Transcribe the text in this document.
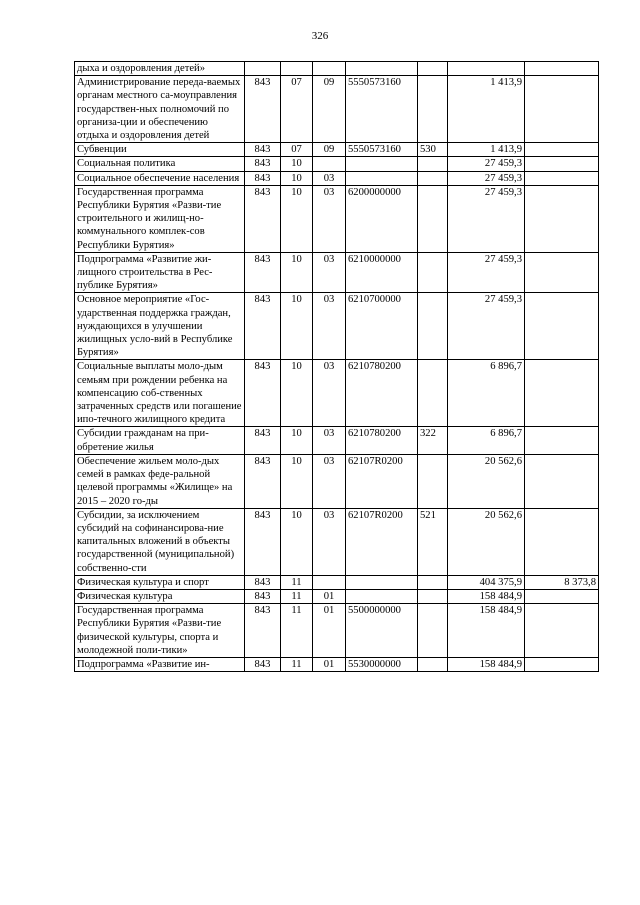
326
дыха и оздоровления детей»							
Администрирование переда-ваемых органам местного са-моуправления государствен-ных полномочий по организа-ции и обеспечению отдыха и оздоровления детей	843	07	09	5550573160		1 413,9	
Субвенции	843	07	09	5550573160	530	1 413,9	
Социальная политика	843	10				27 459,3	
Социальное обеспечение населения	843	10	03			27 459,3	
Государственная программа Республики Бурятия «Разви-тие строительного и жилищ-но-коммунального комплек-сов Республики Бурятия»	843	10	03	6200000000		27 459,3	
Подпрограмма «Развитие жи-лищного строительства в Рес-публике Бурятия»	843	10	03	6210000000		27 459,3	
Основное мероприятие «Гос-ударственная поддержка граждан, нуждающихся в улучшении жилищных усло-вий в Республике Бурятия»	843	10	03	6210700000		27 459,3	
Социальные выплаты моло-дым семьям при рождении ребенка на компенсацию соб-ственных затраченных средств или погашение ипо-течного жилищного кредита	843	10	03	6210780200		6 896,7	
Субсидии гражданам на при-обретение жилья	843	10	03	6210780200	322	6 896,7	
Обеспечение жильем моло-дых семей в рамках феде-ральной целевой программы «Жилище» на 2015 – 2020 го-ды	843	10	03	62107R0200		20 562,6	
Субсидии, за исключением субсидий на софинансирова-ние капитальных вложений в объекты государственной (муниципальной) собственно-сти	843	10	03	62107R0200	521	20 562,6	
Физическая культура и спорт	843	11				404 375,9	8 373,8
Физическая культура	843	11	01			158 484,9	
Государственная программа Республики Бурятия «Разви-тие физической культуры, спорта и молодежной поли-тики»	843	11	01	5500000000		158 484,9	
Подпрограмма «Развитие ин-	843	11	01	5530000000		158 484,9	
